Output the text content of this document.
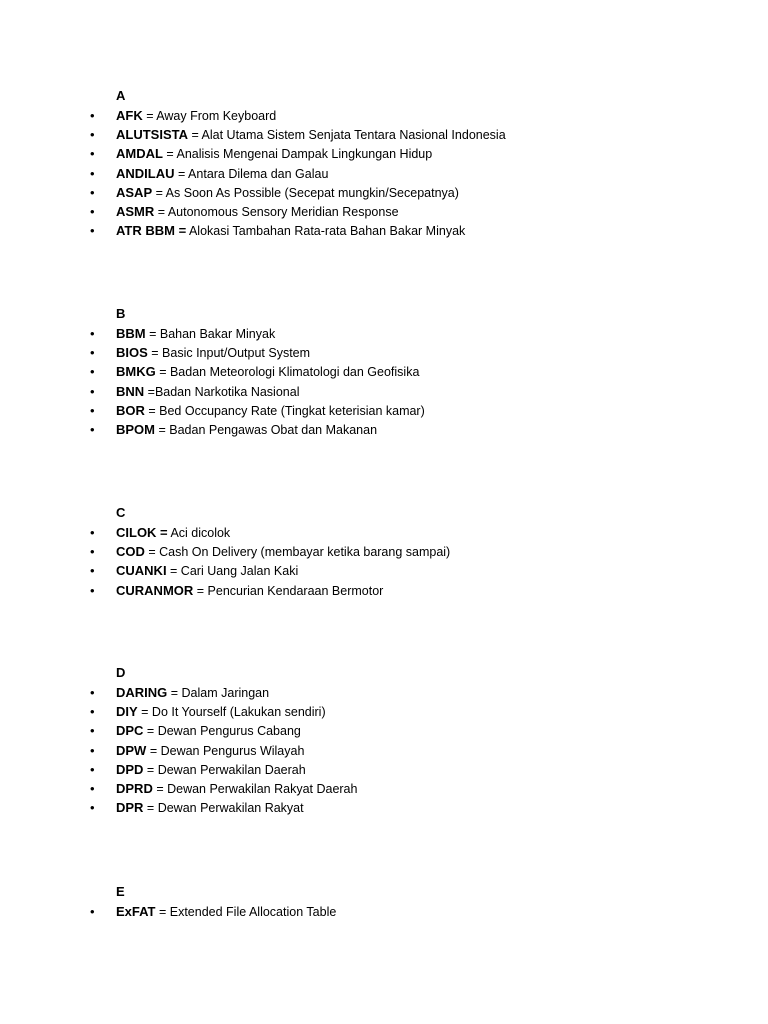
A
• AFK = Away From Keyboard
• ALUTSISTA = Alat Utama Sistem Senjata Tentara Nasional Indonesia
• AMDAL = Analisis Mengenai Dampak Lingkungan Hidup
• ANDILAU = Antara Dilema dan Galau
• ASAP = As Soon As Possible (Secepat mungkin/Secepatnya)
• ASMR = Autonomous Sensory Meridian Response
• ATR BBM = Alokasi Tambahan Rata-rata Bahan Bakar Minyak
B
• BBM = Bahan Bakar Minyak
• BIOS = Basic Input/Output System
• BMKG = Badan Meteorologi Klimatologi dan Geofisika
• BNN =Badan Narkotika Nasional
• BOR = Bed Occupancy Rate (Tingkat keterisian kamar)
• BPOM = Badan Pengawas Obat dan Makanan
C
• CILOK = Aci dicolok
• COD = Cash On Delivery (membayar ketika barang sampai)
• CUANKI = Cari Uang Jalan Kaki
• CURANMOR = Pencurian Kendaraan Bermotor
D
• DARING = Dalam Jaringan
• DIY = Do It Yourself (Lakukan sendiri)
• DPC = Dewan Pengurus Cabang
• DPW = Dewan Pengurus Wilayah
• DPD = Dewan Perwakilan Daerah
• DPRD = Dewan Perwakilan Rakyat Daerah
• DPR = Dewan Perwakilan Rakyat
E
• ExFAT = Extended File Allocation Table
